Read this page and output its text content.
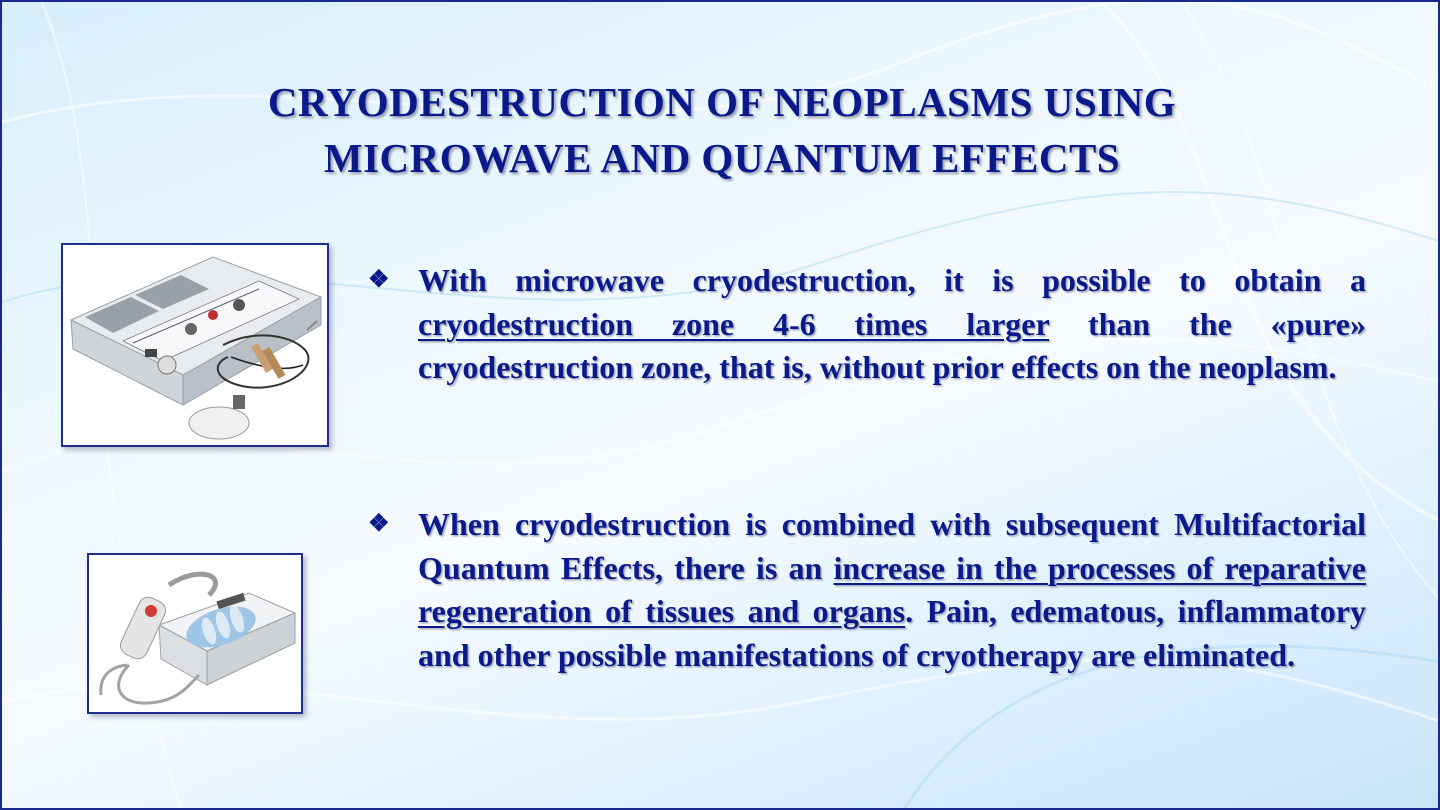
CRYODESTRUCTION OF NEOPLASMS USING
MICROWAVE AND QUANTUM EFFECTS
❖ With microwave cryodestruction, it is possible to obtain a cryodestruction zone 4-6 times larger than the «pure» cryodestruction zone, that is, without prior effects on the neoplasm.
❖ When cryodestruction is combined with subsequent Multifactorial Quantum Effects, there is an increase in the processes of reparative regeneration of tissues and organs. Pain, edematous, inflammatory and other possible manifestations of cryotherapy are eliminated.
